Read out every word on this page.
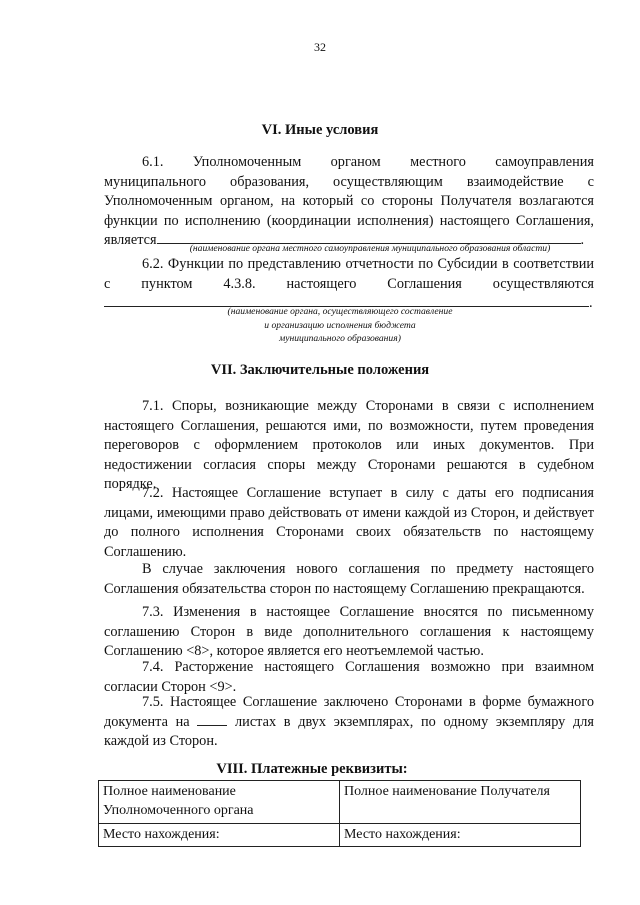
32
VI. Иные условия
6.1. Уполномоченным органом местного самоуправления муниципального образования, осуществляющим взаимодействие с Уполномоченным органом, на который со стороны Получателя возлагаются функции по исполнению (координации исполнения) настоящего Соглашения, является	.
(наименование органа местного самоуправления муниципального образования области)
6.2. Функции по представлению отчетности по Субсидии в соответствии с пунктом 4.3.8. настоящего Соглашения осуществляются.
(наименование органа, осуществляющего составление
и организацию исполнения бюджета
муниципального образования)
VII. Заключительные положения
7.1. Споры, возникающие между Сторонами в связи с исполнением настоящего Соглашения, решаются ими, по возможности, путем проведения переговоров с оформлением протоколов или иных документов. При недостижении согласия споры между Сторонами решаются в судебном порядке.
7.2. Настоящее Соглашение вступает в силу с даты его подписания лицами, имеющими право действовать от имени каждой из Сторон, и действует до полного исполнения Сторонами своих обязательств по настоящему Соглашению.
В случае заключения нового соглашения по предмету настоящего Соглашения обязательства сторон по настоящему Соглашению прекращаются.
7.3. Изменения в настоящее Соглашение вносятся по письменному соглашению Сторон в виде дополнительного соглашения к настоящему Соглашению <8>, которое является его неотъемлемой частью.
7.4. Расторжение настоящего Соглашения возможно при взаимном согласии Сторон <9>.
7.5. Настоящее Соглашение заключено Сторонами в форме бумажного документа на	листах в двух экземплярах, по одному экземпляру для каждой из Сторон.
VIII. Платежные реквизиты:
Полное наименование Уполномоченного органа	Полное наименование Получателя
Место нахождения:	Место нахождения:
